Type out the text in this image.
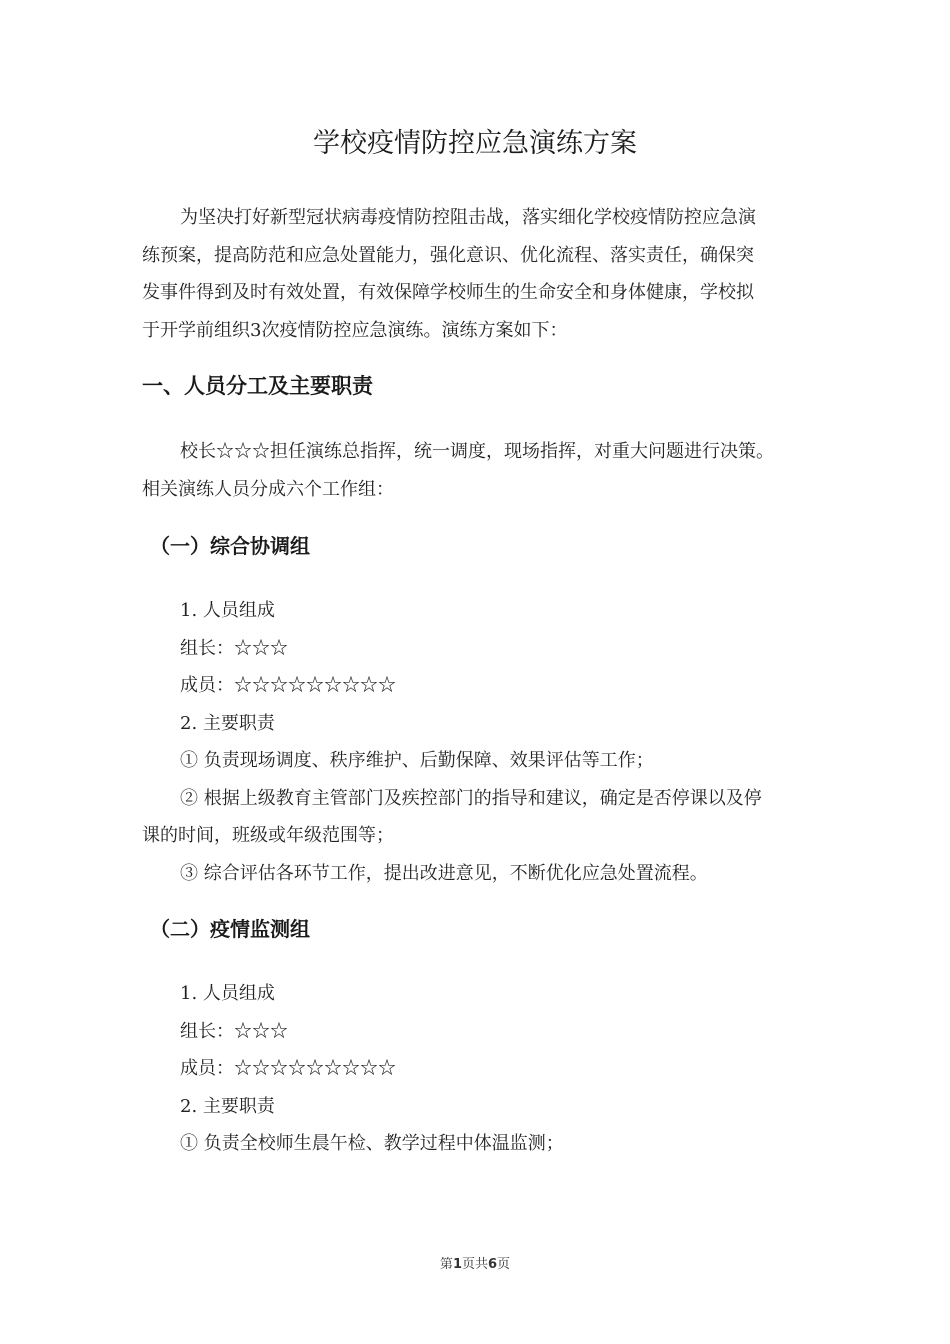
学校疫情防控应急演练方案
为坚决打好新型冠状病毒疫情防控阻击战，落实细化学校疫情防控应急演
练预案，提高防范和应急处置能力，强化意识、优化流程、落实责任，确保突
发事件得到及时有效处置，有效保障学校师生的生命安全和身体健康，学校拟
于开学前组织3次疫情防控应急演练。演练方案如下：
一、人员分工及主要职责
校长☆☆☆担任演练总指挥，统一调度，现场指挥，对重大问题进行决策。
相关演练人员分成六个工作组：
（一）综合协调组
1. 人员组成
组长：☆☆☆
成员：☆☆☆☆☆☆☆☆☆
2. 主要职责
① 负责现场调度、秩序维护、后勤保障、效果评估等工作；
② 根据上级教育主管部门及疾控部门的指导和建议，确定是否停课以及停
课的时间，班级或年级范围等；
③ 综合评估各环节工作，提出改进意见，不断优化应急处置流程。
（二）疫情监测组
1. 人员组成
组长：☆☆☆
成员：☆☆☆☆☆☆☆☆☆
2. 主要职责
① 负责全校师生晨午检、教学过程中体温监测；
第1页共6页
